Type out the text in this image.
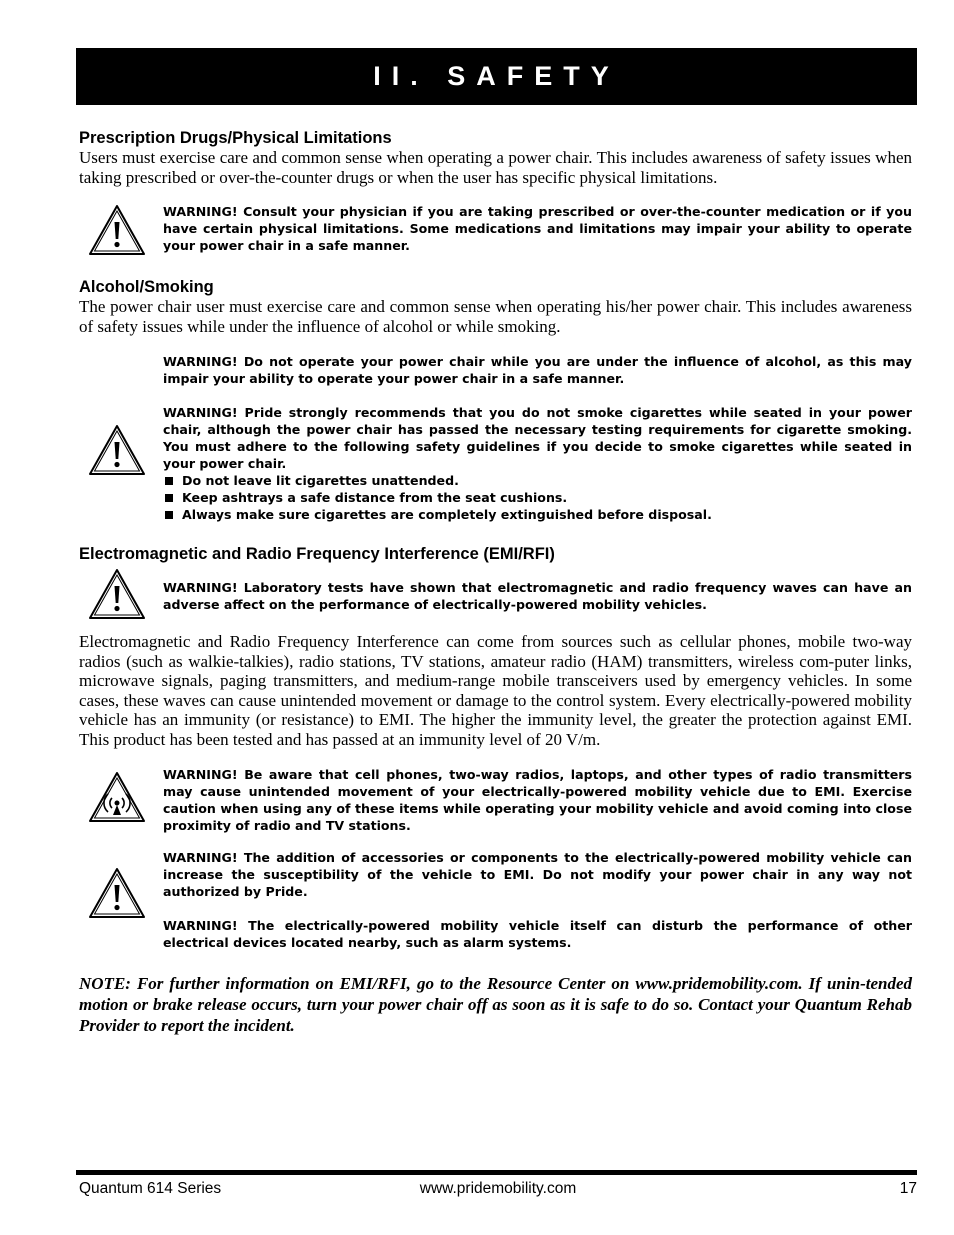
II. SAFETY
Prescription Drugs/Physical Limitations

Users must exercise care and common sense when operating a power chair. This includes awareness of safety issues when taking prescribed or over-the-counter drugs or when the user has specific physical limitations.

WARNING! Consult your physician if you are taking prescribed or over-the-counter medication or if you have certain physical limitations. Some medications and limitations may impair your ability to operate your power chair in a safe manner.

Alcohol/Smoking

The power chair user must exercise care and common sense when operating his/her power chair. This includes awareness of safety issues while under the influence of alcohol or while smoking.

WARNING! Do not operate your power chair while you are under the influence of alcohol, as this may impair your ability to operate your power chair in a safe manner.

WARNING! Pride strongly recommends that you do not smoke cigarettes while seated in your power chair, although the power chair has passed the necessary testing requirements for cigarette smoking. You must adhere to the following safety guidelines if you decide to smoke cigarettes while seated in your power chair.

Do not leave lit cigarettes unattended.
Keep ashtrays a safe distance from the seat cushions.
Always make sure cigarettes are completely extinguished before disposal.
Electromagnetic and Radio Frequency Interference (EMI/RFI)

WARNING! Laboratory tests have shown that electromagnetic and radio frequency waves can have an adverse affect on the performance of electrically-powered mobility vehicles.

Electromagnetic and Radio Frequency Interference can come from sources such as cellular phones, mobile two-way radios (such as walkie-talkies), radio stations, TV stations, amateur radio (HAM) transmitters, wireless com-puter links, microwave signals, paging transmitters, and medium-range mobile transceivers used by emergency vehicles. In some cases, these waves can cause unintended movement or damage to the control system. Every electrically-powered mobility vehicle has an immunity (or resistance) to EMI. The higher the immunity level, the greater the protection against EMI. This product has been tested and has passed at an immunity level of 20 V/m.

WARNING! Be aware that cell phones, two-way radios, laptops, and other types of radio transmitters may cause unintended movement of your electrically-powered mobility vehicle due to EMI. Exercise caution when using any of these items while operating your mobility vehicle and avoid coming into close proximity of radio and TV stations.

WARNING! The addition of accessories or components to the electrically-powered mobility vehicle can increase the susceptibility of the vehicle to EMI. Do not modify your power chair in any way not authorized by Pride.

WARNING! The electrically-powered mobility vehicle itself can disturb the performance of other electrical devices located nearby, such as alarm systems.

NOTE: For further information on EMI/RFI, go to the Resource Center on www.pridemobility.com. If unin-tended motion or brake release occurs, turn your power chair off as soon as it is safe to do so. Contact your Quantum Rehab Provider to report the incident.

www.pridemobility.com
Quantum 614 Series	17
